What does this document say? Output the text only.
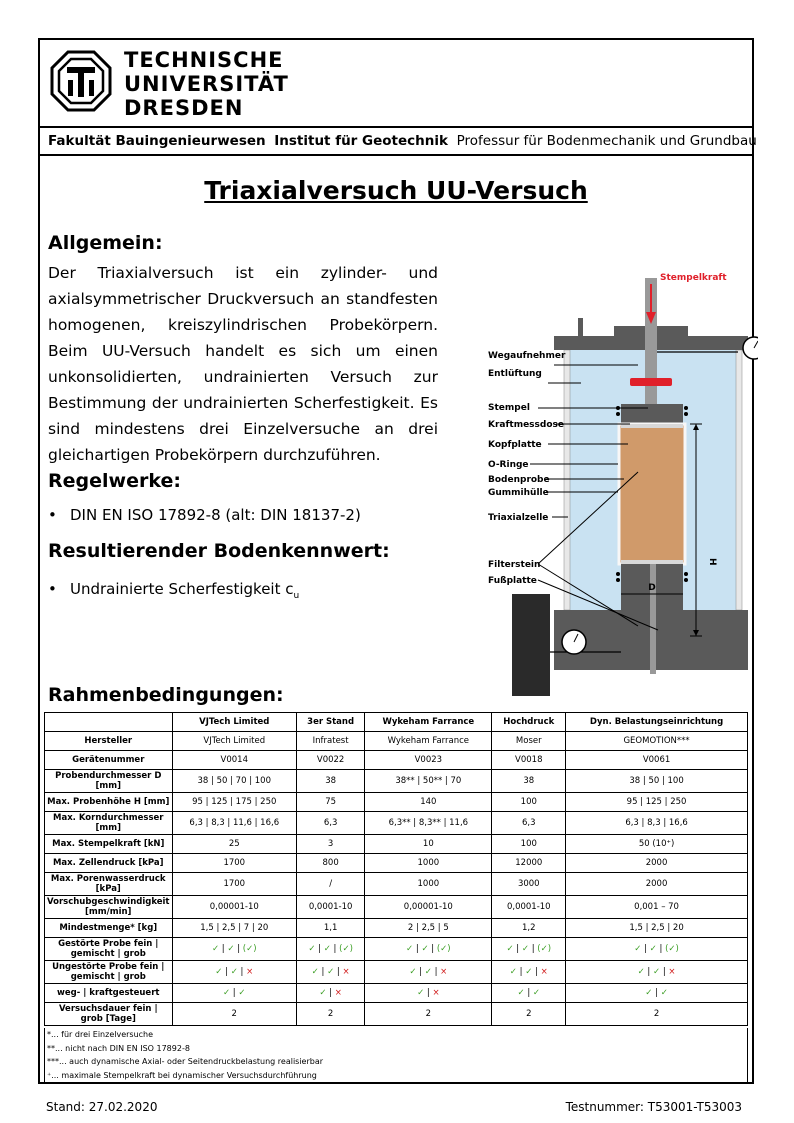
TECHNISCHE
UNIVERSITÄT
DRESDEN
Fakultät Bauingenieurwesen Institut für Geotechnik Professur für Bodenmechanik und Grundbau
Triaxialversuch UU-Versuch
Allgemein:
Der Triaxialversuch ist ein zylinder- und axialsymmetrischer Druckversuch an standfesten homogenen, kreiszylindrischen Probekörpern. Beim UU-Versuch handelt es sich um einen unkonsolidierten, undrainierten Versuch zur Bestimmung der undrainierten Scherfestigkeit. Es sind mindestens drei Einzelversuche an drei gleichartigen Probekörpern durchzuführen.
Regelwerke:
• DIN EN ISO 17892-8 (alt: DIN 18137-2)
Resultierender Bodenkennwert:
• Undrainierte Scherfestigkeit $c_u$
Stempelkraft
H
D
Wegaufnehmer
Entlüftung
Stempel
Kraftmessdose
Kopfplatte
O-Ringe
Bodenprobe
Gummihülle
Triaxialzelle
Filterstein
Fußplatte
Rahmenbedingungen:
	VJTech Limited	3er Stand	Wykeham Farrance	Hochdruck	Dyn. Belastungseinrichtung
Hersteller	VJTech Limited	Infratest	Wykeham Farrance	Moser	GEOMOTION***
Gerätenummer	V0014	V0022	V0023	V0018	V0061
Probendurchmesser D [mm]	38 | 50 | 70 | 100	38	38** | 50** | 70	38	38 | 50 | 100
Max. Probenhöhe H [mm]	95 | 125 | 175 | 250	75	140	100	95 | 125 | 250
Max. Korndurchmesser [mm]	6,3 | 8,3 | 11,6 | 16,6	6,3	6,3** | 8,3** | 11,6	6,3	6,3 | 8,3 | 16,6
Max. Stempelkraft [kN]	25	3	10	100	50 (10⁺)
Max. Zellendruck [kPa]	1700	800	1000	12000	2000
Max. Porenwasserdruck [kPa]	1700	/	1000	3000	2000
Vorschubgeschwindigkeit [mm/min]	0,00001-10	0,0001-10	0,00001-10	0,0001-10	0,001 – 70
Mindestmenge* [kg]	1,5 | 2,5 | 7 | 20	1,1	2 | 2,5 | 5	1,2	1,5 | 2,5 | 20
Gestörte Probe fein | gemischt | grob	✓ | ✓ | (✓)	✓ | ✓ | (✓)	✓ | ✓ | (✓)	✓ | ✓ | (✓)	✓ | ✓ | (✓)
Ungestörte Probe fein | gemischt | grob	✓ | ✓ | ×	✓ | ✓ | ×	✓ | ✓ | ×	✓ | ✓ | ×	✓ | ✓ | ×
weg- | kraftgesteuert	✓ | ✓	✓ | ×	✓ | ×	✓ | ✓	✓ | ✓
Versuchsdauer fein | grob [Tage]	2	2	2	2	2
*... für drei Einzelversuche
**... nicht nach DIN EN ISO 17892-8
***... auch dynamische Axial- oder Seitendruckbelastung realisierbar
⁺... maximale Stempelkraft bei dynamischer Versuchsdurchführung
Stand: 27.02.2020	Testnummer: T53001-T53003
